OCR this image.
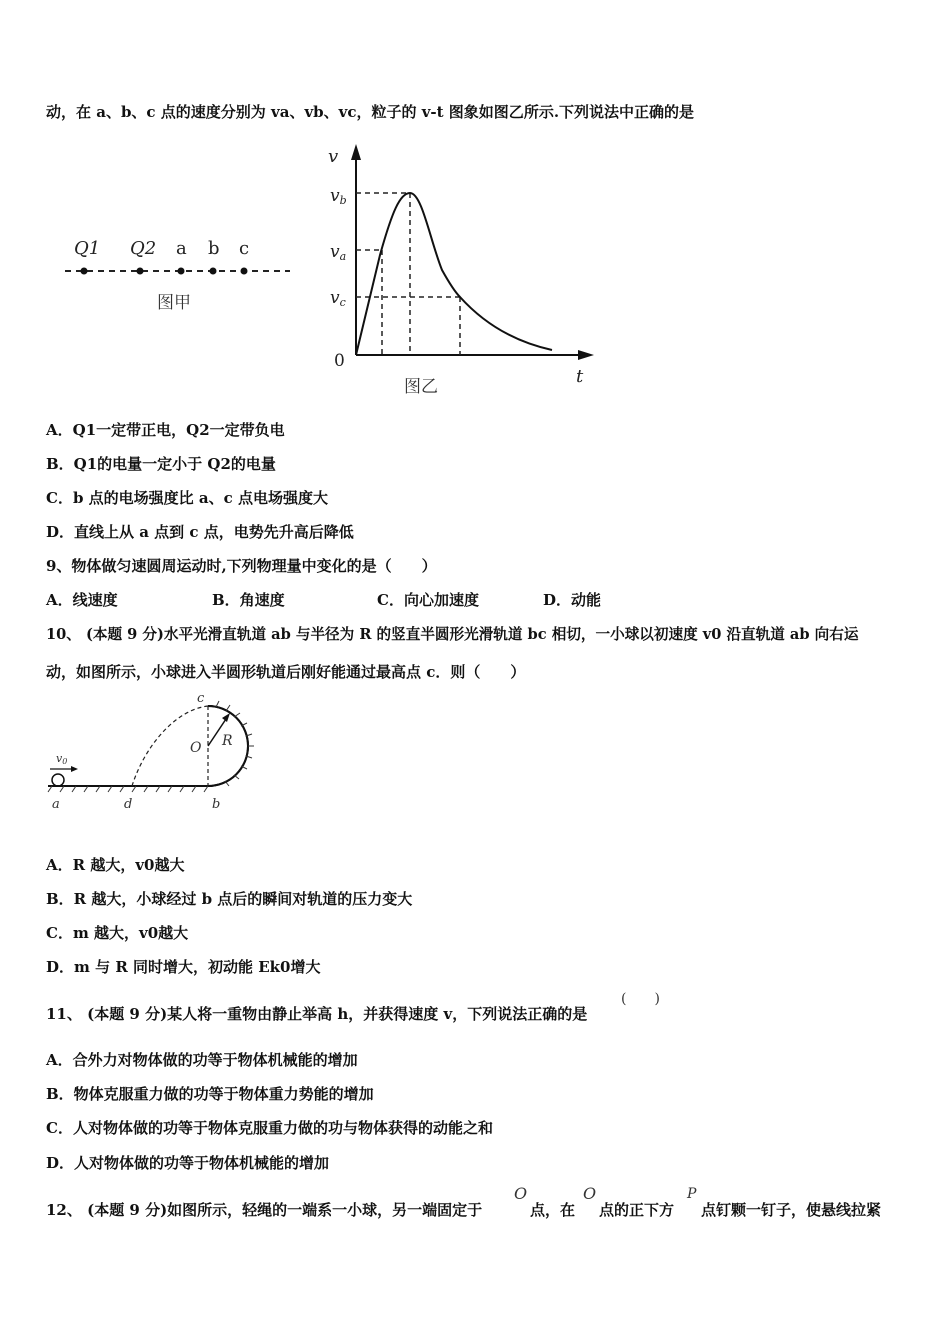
动，在 a、b、c 点的速度分别为 va、vb、vc，粒子的 v-t 图象如图乙所示.下列说法中正确的是
Q1 Q2 a b c
图甲
v
t
0
vb
va
vc
图乙
A．Q1一定带正电，Q2一定带负电
B．Q1的电量一定小于 Q2的电量
C．b 点的电场强度比 a、c 点电场强度大
D．直线上从 a 点到 c 点，电势先升高后降低
9、物体做匀速圆周运动时,下列物理量中变化的是（　　）
A．线速度	B．角速度	C．向心加速度	D．动能
10、 (本题 9 分)水平光滑直轨道 ab 与半径为 R 的竖直半圆形光滑轨道 bc 相切，一小球以初速度 v0 沿直轨道 ab 向右运
动，如图所示，小球进入半圆形轨道后刚好能通过最高点 c．则（　　）
v0
a	d	b
c
O R
A．R 越大，v0越大
B．R 越大，小球经过 b 点后的瞬间对轨道的压力变大
C．m 越大，v0越大
D．m 与 R 同时增大，初动能 Ek0增大
11、 (本题 9 分)某人将一重物由静止举高 h，并获得速度 v，下列说法正确的是
(　　)
A．合外力对物体做的功等于物体机械能的增加
B．物体克服重力做的功等于物体重力势能的增加
C．人对物体做的功等于物体克服重力做的功与物体获得的动能之和
D．人对物体做的功等于物体机械能的增加
12、 (本题 9 分)如图所示，轻绳的一端系一小球，另一端固定于
O
点，在
O
点的正下方
P
点钉颗一钉子，使悬线拉紧
